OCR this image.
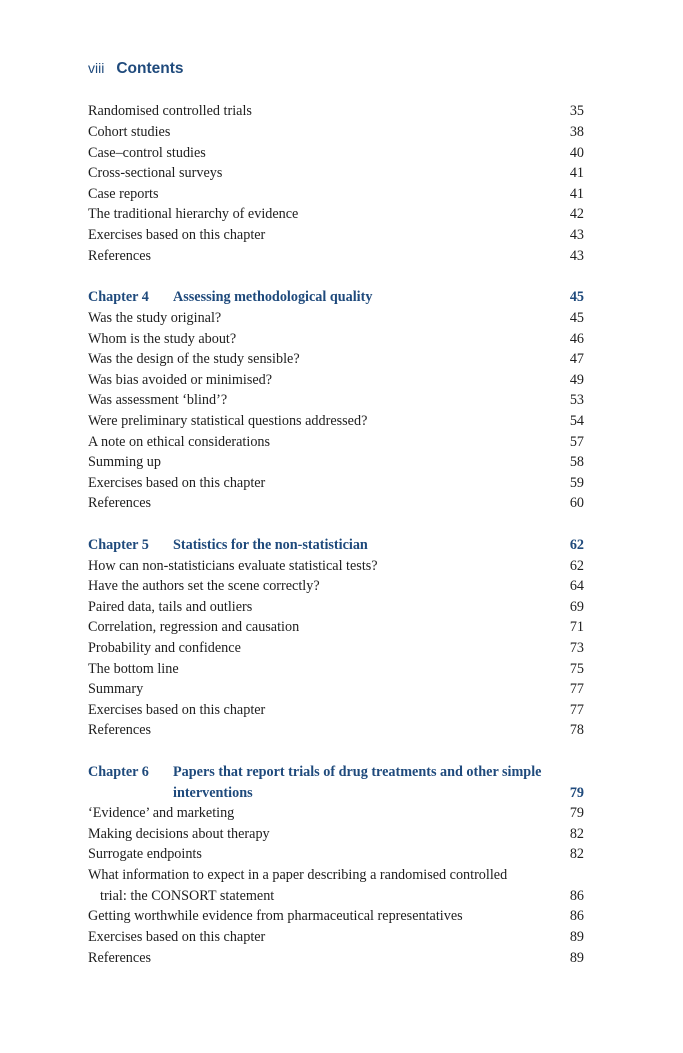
viii Contents
Randomised controlled trials	35
Cohort studies	38
Case–control studies	40
Cross-sectional surveys	41
Case reports	41
The traditional hierarchy of evidence	42
Exercises based on this chapter	43
References	43
Chapter 4 Assessing methodological quality	45
Was the study original?	45
Whom is the study about?	46
Was the design of the study sensible?	47
Was bias avoided or minimised?	49
Was assessment ‘blind’?	53
Were preliminary statistical questions addressed?	54
A note on ethical considerations	57
Summing up	58
Exercises based on this chapter	59
References	60
Chapter 5 Statistics for the non-statistician	62
How can non-statisticians evaluate statistical tests?	62
Have the authors set the scene correctly?	64
Paired data, tails and outliers	69
Correlation, regression and causation	71
Probability and confidence	73
The bottom line	75
Summary	77
Exercises based on this chapter	77
References	78
Chapter 6 Papers that report trials of drug treatments and other simple
interventions	79
‘Evidence’ and marketing	79
Making decisions about therapy	82
Surrogate endpoints	82
What information to expect in a paper describing a randomised controlled
trial: the CONSORT statement	86
Getting worthwhile evidence from pharmaceutical representatives	86
Exercises based on this chapter	89
References	89
